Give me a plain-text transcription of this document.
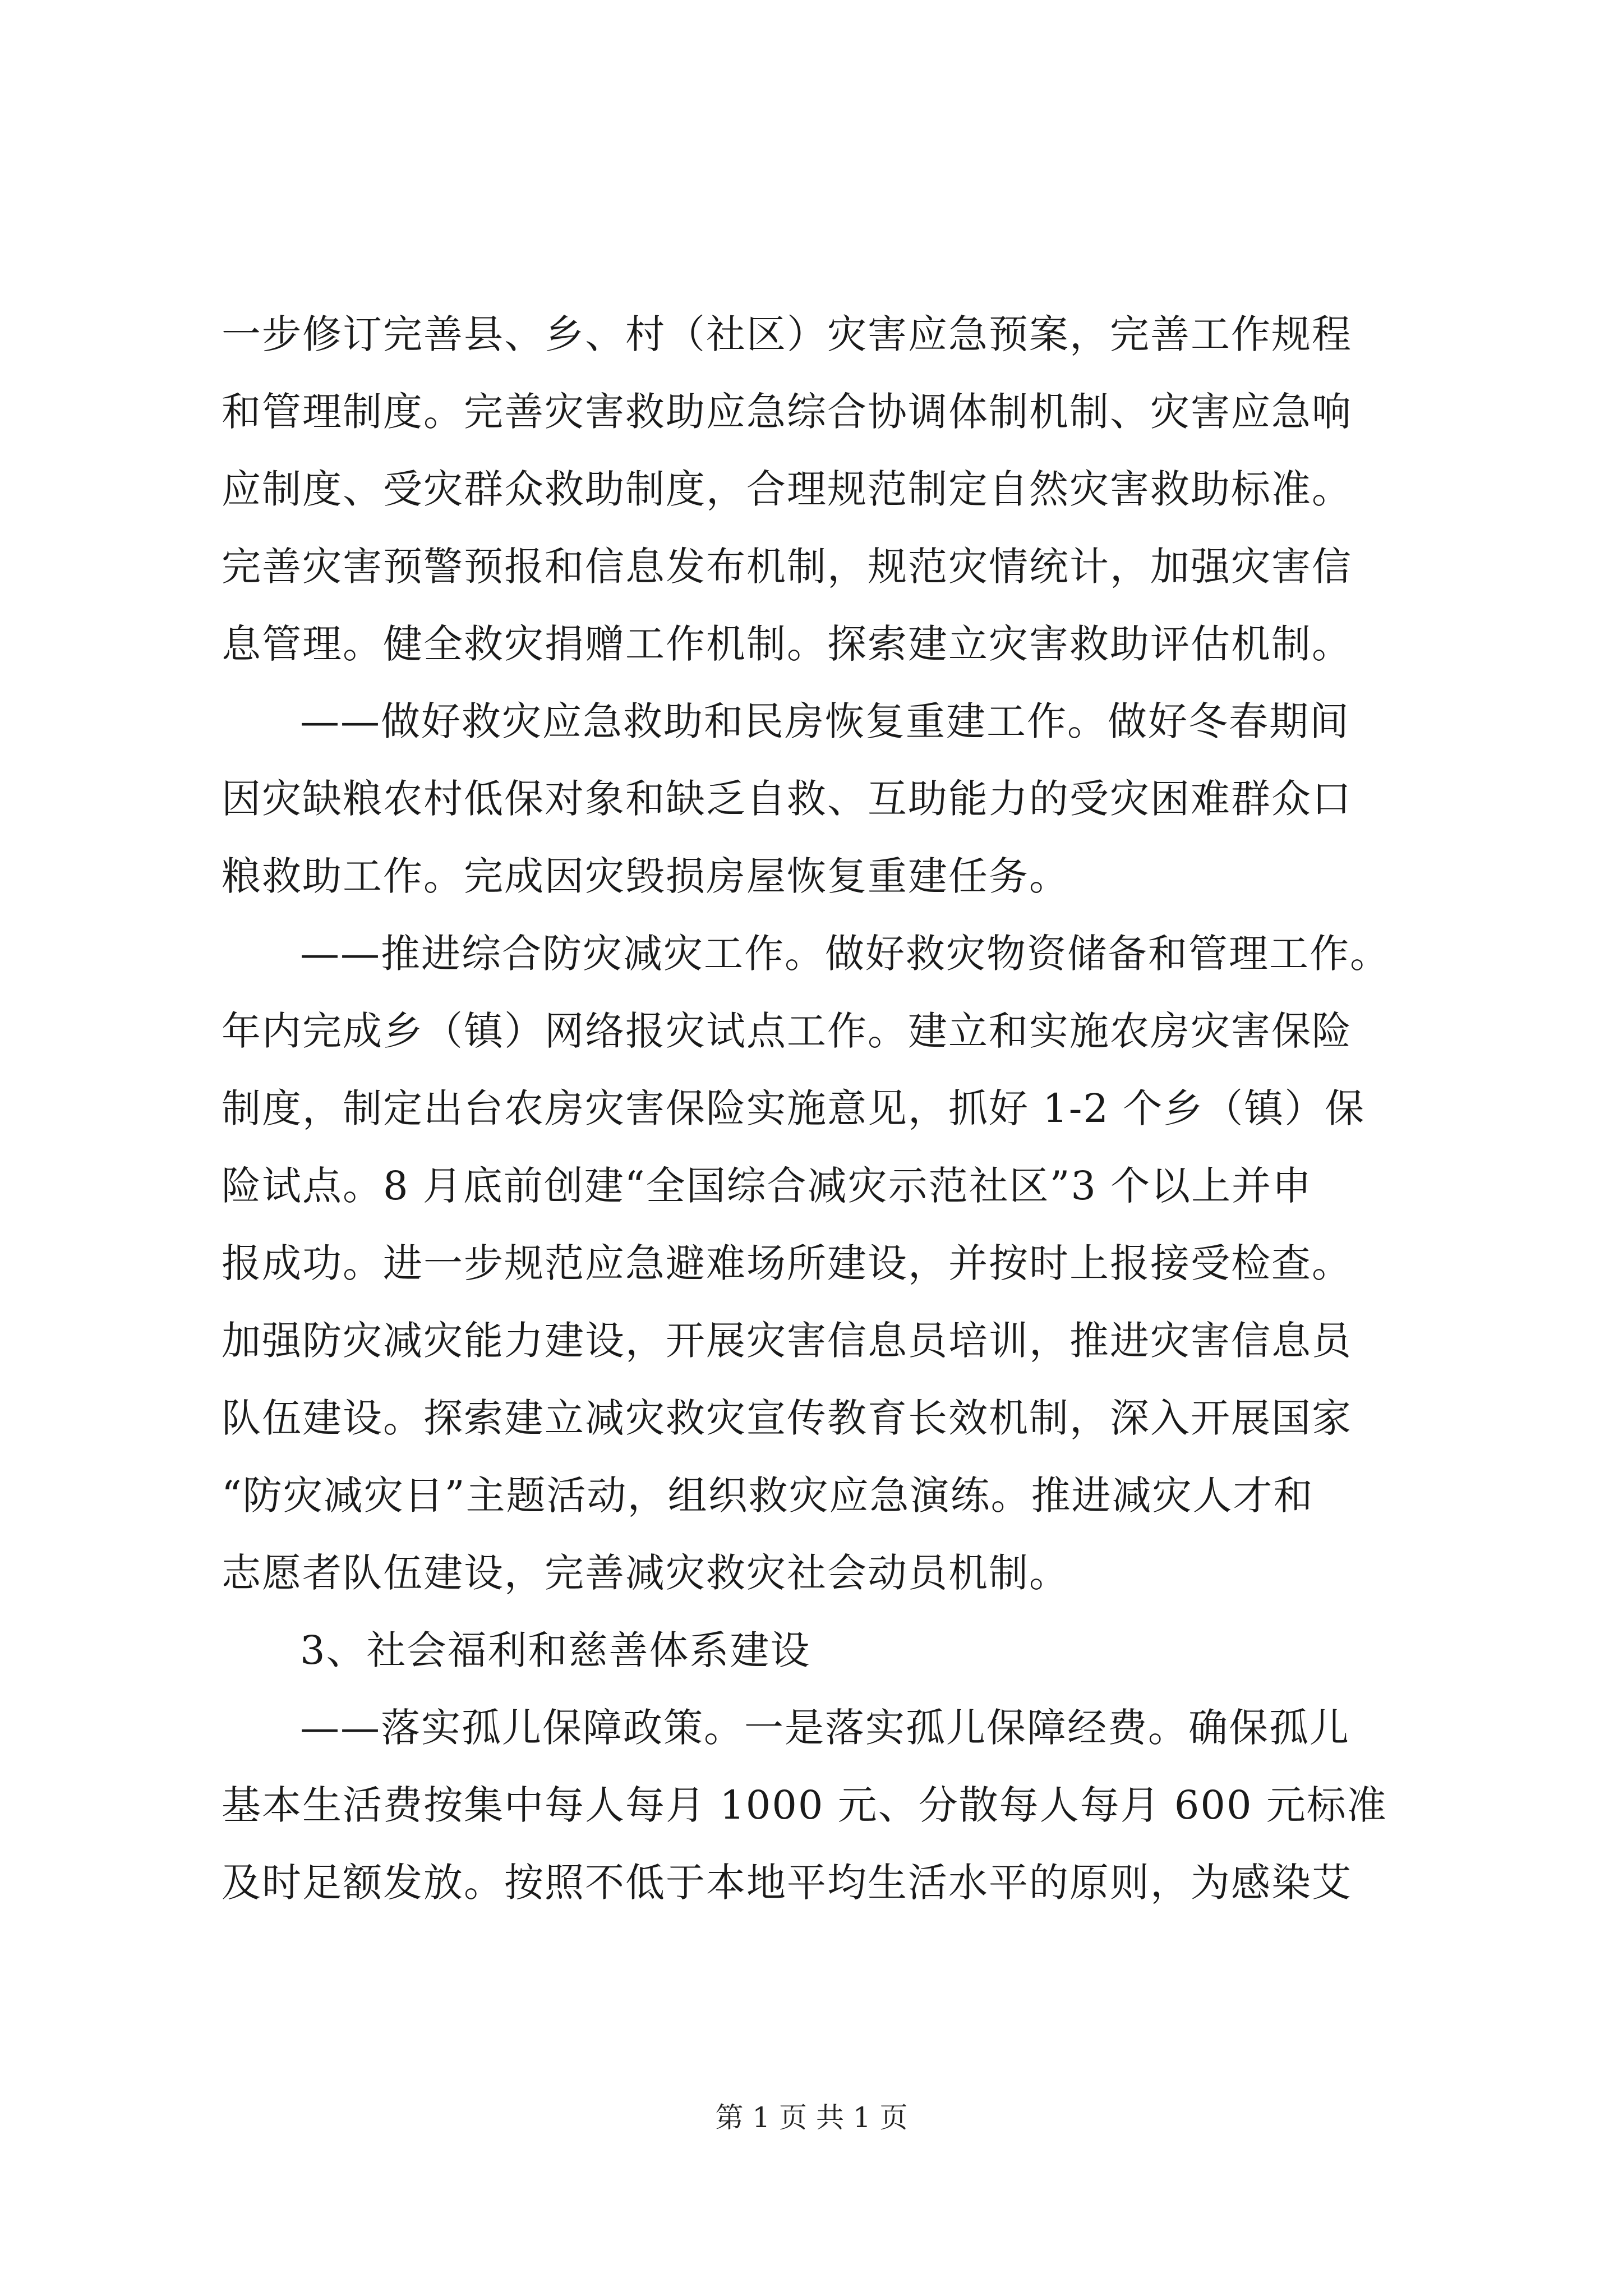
一步修订完善县、乡、村（社区）灾害应急预案，完善工作规程
和管理制度。完善灾害救助应急综合协调体制机制、灾害应急响
应制度、受灾群众救助制度，合理规范制定自然灾害救助标准。
完善灾害预警预报和信息发布机制，规范灾情统计，加强灾害信
息管理。健全救灾捐赠工作机制。探索建立灾害救助评估机制。
——做好救灾应急救助和民房恢复重建工作。做好冬春期间
因灾缺粮农村低保对象和缺乏自救、互助能力的受灾困难群众口
粮救助工作。完成因灾毁损房屋恢复重建任务。
——推进综合防灾减灾工作。做好救灾物资储备和管理工作。
年内完成乡（镇）网络报灾试点工作。建立和实施农房灾害保险
制度，制定出台农房灾害保险实施意见，抓好 1-2 个乡（镇）保
险试点。8 月底前创建“全国综合减灾示范社区”3 个以上并申
报成功。进一步规范应急避难场所建设，并按时上报接受检查。
加强防灾减灾能力建设，开展灾害信息员培训，推进灾害信息员
队伍建设。探索建立减灾救灾宣传教育长效机制，深入开展国家
“防灾减灾日”主题活动，组织救灾应急演练。推进减灾人才和
志愿者队伍建设，完善减灾救灾社会动员机制。
3、社会福利和慈善体系建设
——落实孤儿保障政策。一是落实孤儿保障经费。确保孤儿
基本生活费按集中每人每月 1000 元、分散每人每月 600 元标准
及时足额发放。按照不低于本地平均生活水平的原则，为感染艾
第 1 页 共 1 页
